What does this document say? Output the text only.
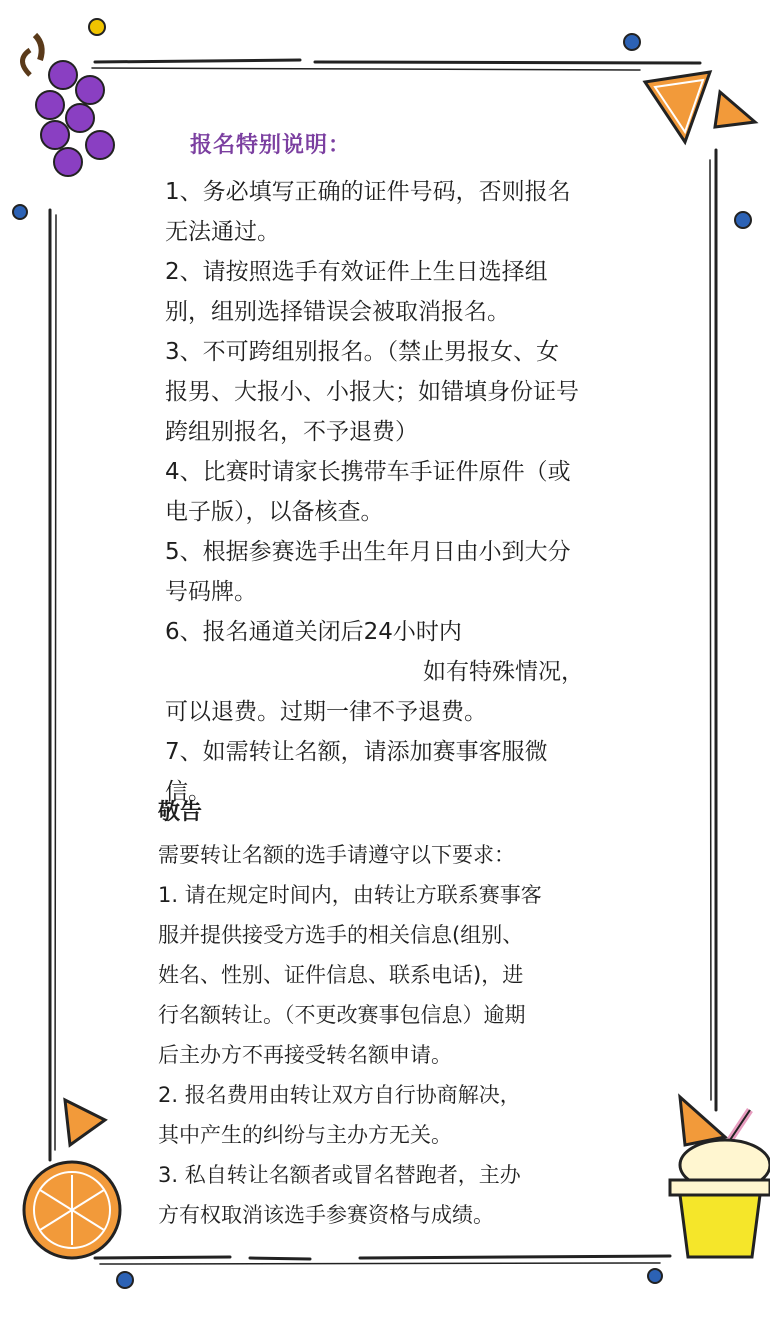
报名特别说明：
1、务必填写正确的证件号码，否则报名
无法通过。
2、请按照选手有效证件上生日选择组
别，组别选择错误会被取消报名。
3、不可跨组别报名。（禁止男报女、女
报男、大报小、小报大；如错填身份证号
跨组别报名，不予退费）
4、比赛时请家长携带车手证件原件（或
电子版），以备核查。
5、根据参赛选手出生年月日由小到大分
号码牌。
6、报名通道关闭后24小时内
如有特殊情况，
可以退费。过期一律不予退费。
7、如需转让名额，请添加赛事客服微
信。
敬告
需要转让名额的选手请遵守以下要求：
1. 请在规定时间内，由转让方联系赛事客
服并提供接受方选手的相关信息(组别、
姓名、性别、证件信息、联系电话)，进
行名额转让。（不更改赛事包信息）逾期
后主办方不再接受转名额申请。
2. 报名费用由转让双方自行协商解决，
其中产生的纠纷与主办方无关。
3. 私自转让名额者或冒名替跑者，主办
方有权取消该选手参赛资格与成绩。
